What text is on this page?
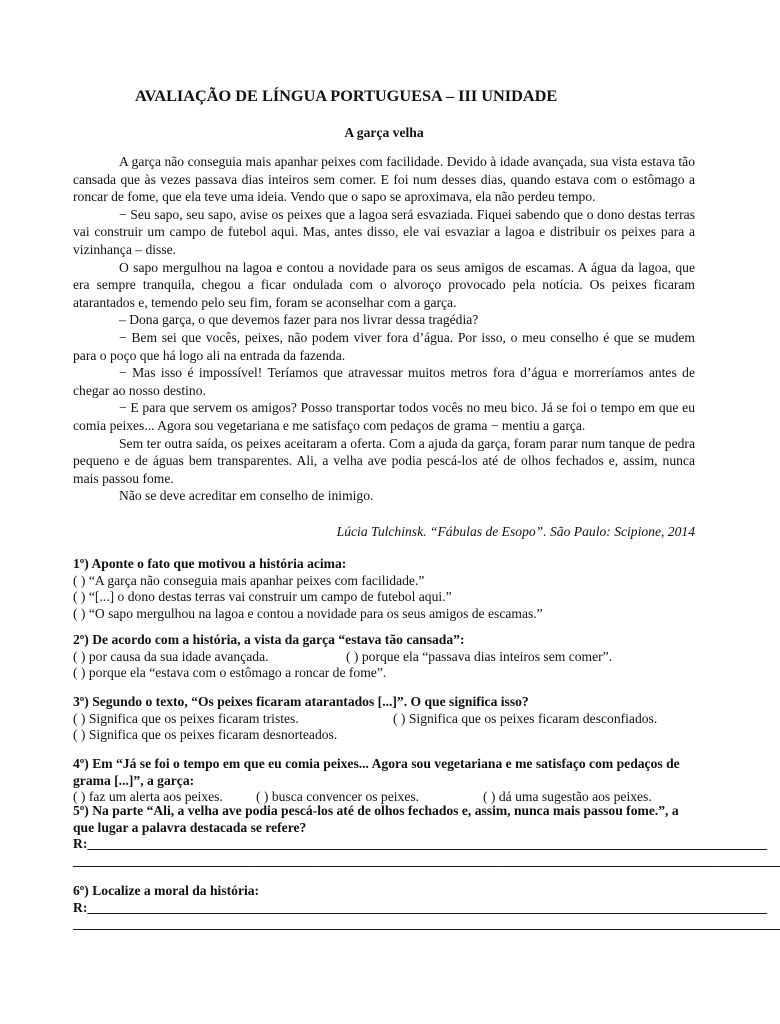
AVALIAÇÃO DE LÍNGUA PORTUGUESA – III UNIDADE
A garça velha

A garça não conseguia mais apanhar peixes com facilidade. Devido à idade avançada, sua vista estava tão cansada que às vezes passava dias inteiros sem comer. E foi num desses dias, quando estava com o estômago a roncar de fome, que ela teve uma ideia. Vendo que o sapo se aproximava, ela não perdeu tempo.

− Seu sapo, seu sapo, avise os peixes que a lagoa será esvaziada. Fiquei sabendo que o dono destas terras vai construir um campo de futebol aqui. Mas, antes disso, ele vai esvaziar a lagoa e distribuir os peixes para a vizinhança – disse.

O sapo mergulhou na lagoa e contou a novidade para os seus amigos de escamas. A água da lagoa, que era sempre tranquila, chegou a ficar ondulada com o alvoroço provocado pela notícia. Os peixes ficaram atarantados e, temendo pelo seu fim, foram se aconselhar com a garça.

– Dona garça, o que devemos fazer para nos livrar dessa tragédia?

− Bem sei que vocês, peixes, não podem viver fora d’água. Por isso, o meu conselho é que se mudem para o poço que há logo ali na entrada da fazenda.

− Mas isso é impossível! Teríamos que atravessar muitos metros fora d’água e morreríamos antes de chegar ao nosso destino.

− E para que servem os amigos? Posso transportar todos vocês no meu bico. Já se foi o tempo em que eu comia peixes... Agora sou vegetariana e me satisfaço com pedaços de grama − mentiu a garça.

Sem ter outra saída, os peixes aceitaram a oferta. Com a ajuda da garça, foram parar num tanque de pedra pequeno e de águas bem transparentes. Ali, a velha ave podia pescá-los até de olhos fechados e, assim, nunca mais passou fome.

Não se deve acreditar em conselho de inimigo.

Lúcia Tulchinsk. “Fábulas de Esopo”. São Paulo: Scipione, 2014

1º) Aponte o fato que motivou a história acima:

( ) “A garça não conseguia mais apanhar peixes com facilidade.”

( ) “[...] o dono destas terras vai construir um campo de futebol aqui.”

( ) “O sapo mergulhou na lagoa e contou a novidade para os seus amigos de escamas.”

2º) De acordo com a história, a vista da garça “estava tão cansada”:

( ) por causa da sua idade avançada.	( ) porque ela “passava dias inteiros sem comer”.

( ) porque ela “estava com o estômago a roncar de fome”.

3º) Segundo o texto, “Os peixes ficaram atarantados [...]”. O que significa isso?

( ) Significa que os peixes ficaram tristes.	( ) Significa que os peixes ficaram desconfiados.

( ) Significa que os peixes ficaram desnorteados.

4º) Em “Já se foi o tempo em que eu comia peixes... Agora sou vegetariana e me satisfaço com pedaços de grama [...]”, a garça:

( ) faz um alerta aos peixes.	( ) busca convencer os peixes.	( ) dá uma sugestão aos peixes.

5º) Na parte “Ali, a velha ave podia pescá-los até de olhos fechados e, assim, nunca mais passou fome.”, a que lugar a palavra destacada se refere?

R:____________________________________________________________________________________________________
________________________________________________________________________________________________________

6º) Localize a moral da história:

R:____________________________________________________________________________________________________
________________________________________________________________________________________________________
